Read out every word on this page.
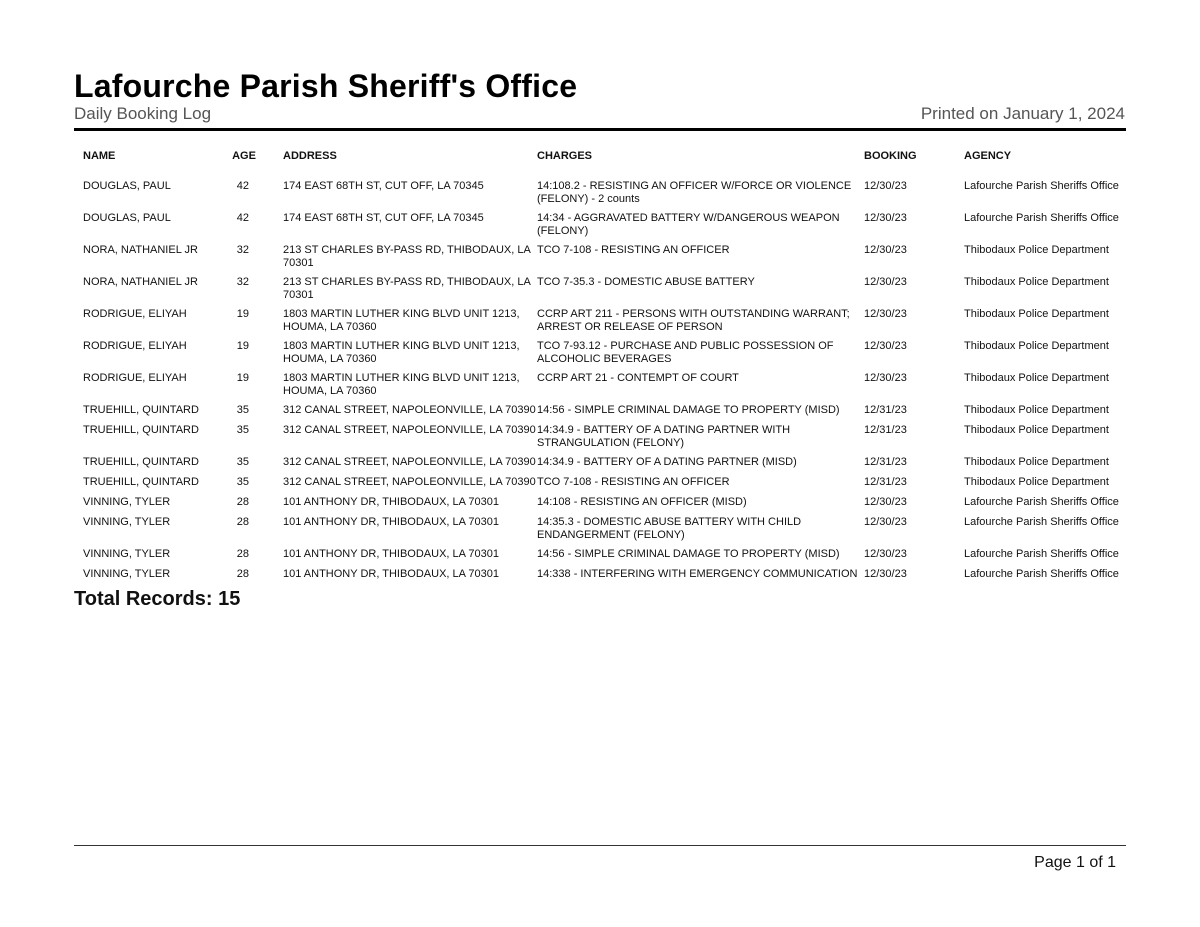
Lafourche Parish Sheriff's Office
Daily Booking Log	Printed on January 1, 2024
NAME	AGE	ADDRESS	CHARGES	BOOKING	AGENCY
DOUGLAS, PAUL	42	174 EAST 68TH ST, CUT OFF, LA 70345	14:108.2 - RESISTING AN OFFICER W/FORCE OR VIOLENCE (FELONY) - 2 counts	12/30/23	Lafourche Parish Sheriffs Office
DOUGLAS, PAUL	42	174 EAST 68TH ST, CUT OFF, LA 70345	14:34 - AGGRAVATED BATTERY W/DANGEROUS WEAPON (FELONY)	12/30/23	Lafourche Parish Sheriffs Office
NORA, NATHANIEL JR	32	213 ST CHARLES BY-PASS RD, THIBODAUX, LA 70301	TCO 7-108 - RESISTING AN OFFICER	12/30/23	Thibodaux Police Department
NORA, NATHANIEL JR	32	213 ST CHARLES BY-PASS RD, THIBODAUX, LA 70301	TCO 7-35.3 - DOMESTIC ABUSE BATTERY	12/30/23	Thibodaux Police Department
RODRIGUE, ELIYAH	19	1803 MARTIN LUTHER KING BLVD UNIT 1213, HOUMA, LA 70360	CCRP ART 211 - PERSONS WITH OUTSTANDING WARRANT; ARREST OR RELEASE OF PERSON	12/30/23	Thibodaux Police Department
RODRIGUE, ELIYAH	19	1803 MARTIN LUTHER KING BLVD UNIT 1213, HOUMA, LA 70360	TCO 7-93.12 - PURCHASE AND PUBLIC POSSESSION OF ALCOHOLIC BEVERAGES	12/30/23	Thibodaux Police Department
RODRIGUE, ELIYAH	19	1803 MARTIN LUTHER KING BLVD UNIT 1213, HOUMA, LA 70360	CCRP ART 21 - CONTEMPT OF COURT	12/30/23	Thibodaux Police Department
TRUEHILL, QUINTARD	35	312 CANAL STREET, NAPOLEONVILLE, LA 70390	14:56 - SIMPLE CRIMINAL DAMAGE TO PROPERTY (MISD)	12/31/23	Thibodaux Police Department
TRUEHILL, QUINTARD	35	312 CANAL STREET, NAPOLEONVILLE, LA 70390	14:34.9 - BATTERY OF A DATING PARTNER WITH STRANGULATION (FELONY)	12/31/23	Thibodaux Police Department
TRUEHILL, QUINTARD	35	312 CANAL STREET, NAPOLEONVILLE, LA 70390	14:34.9 - BATTERY OF A DATING PARTNER (MISD)	12/31/23	Thibodaux Police Department
TRUEHILL, QUINTARD	35	312 CANAL STREET, NAPOLEONVILLE, LA 70390	TCO 7-108 - RESISTING AN OFFICER	12/31/23	Thibodaux Police Department
VINNING, TYLER	28	101 ANTHONY DR, THIBODAUX, LA 70301	14:108 - RESISTING AN OFFICER (MISD)	12/30/23	Lafourche Parish Sheriffs Office
VINNING, TYLER	28	101 ANTHONY DR, THIBODAUX, LA 70301	14:35.3 - DOMESTIC ABUSE BATTERY WITH CHILD ENDANGERMENT (FELONY)	12/30/23	Lafourche Parish Sheriffs Office
VINNING, TYLER	28	101 ANTHONY DR, THIBODAUX, LA 70301	14:56 - SIMPLE CRIMINAL DAMAGE TO PROPERTY (MISD)	12/30/23	Lafourche Parish Sheriffs Office
VINNING, TYLER	28	101 ANTHONY DR, THIBODAUX, LA 70301	14:338 - INTERFERING WITH EMERGENCY COMMUNICATION	12/30/23	Lafourche Parish Sheriffs Office
Total Records: 15
Page 1 of 1
